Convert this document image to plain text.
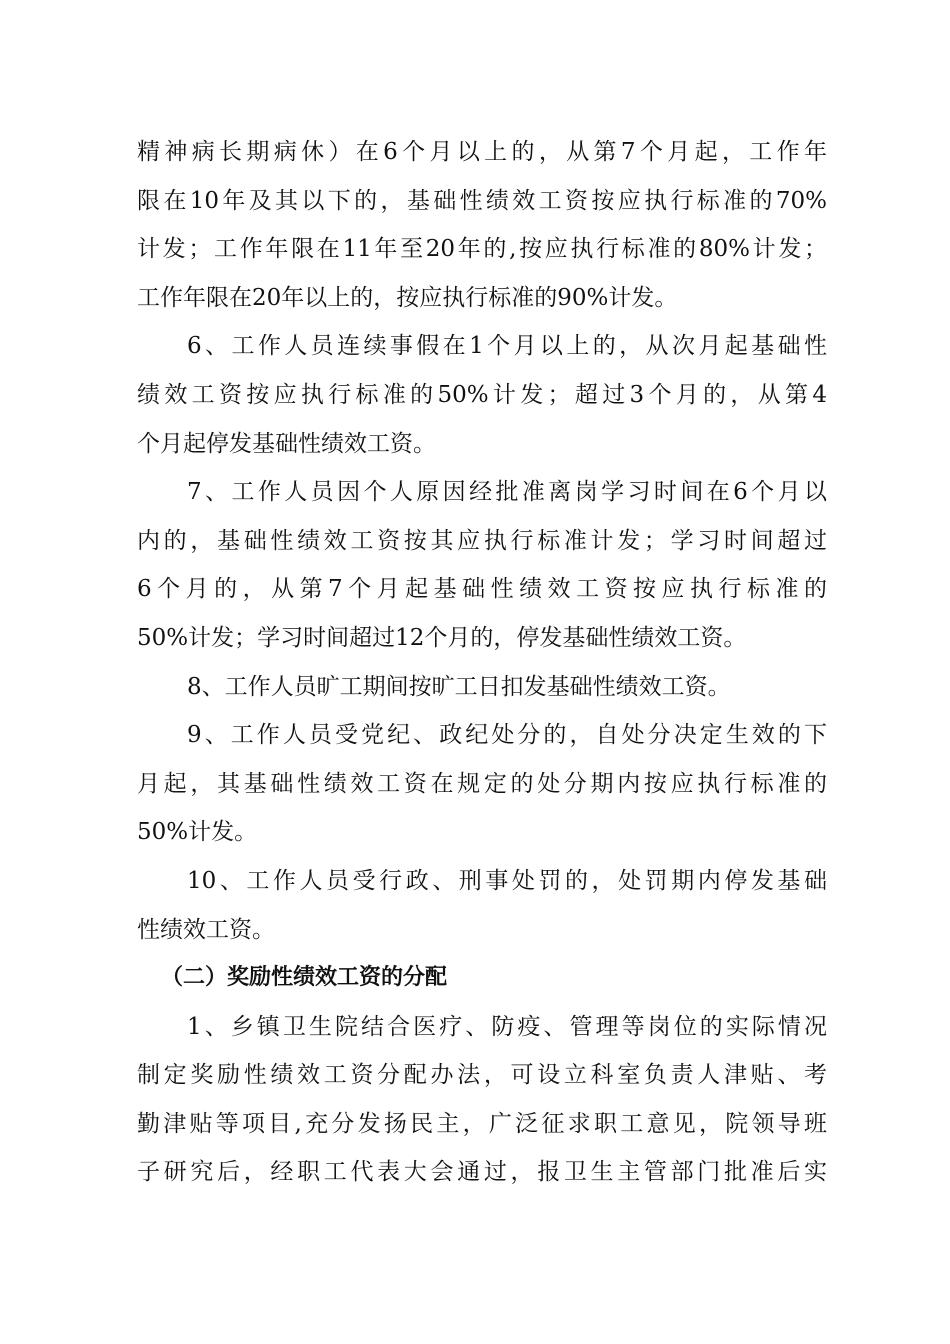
精神病长期病休）在6个月以上的，从第7个月起，工作年
限在10年及其以下的，基础性绩效工资按应执行标准的70%
计发；工作年限在11年至20年的,按应执行标准的80%计发；
工作年限在20年以上的，按应执行标准的90%计发。
6、工作人员连续事假在1个月以上的，从次月起基础性
绩效工资按应执行标准的50%计发；超过3个月的，从第4
个月起停发基础性绩效工资。
7、工作人员因个人原因经批准离岗学习时间在6个月以
内的，基础性绩效工资按其应执行标准计发；学习时间超过
6个月的，从第7个月起基础性绩效工资按应执行标准的
50%计发；学习时间超过12个月的，停发基础性绩效工资。
8、工作人员旷工期间按旷工日扣发基础性绩效工资。
9、工作人员受党纪、政纪处分的，自处分决定生效的下
月起，其基础性绩效工资在规定的处分期内按应执行标准的
50%计发。
10、工作人员受行政、刑事处罚的，处罚期内停发基础
性绩效工资。
（二）奖励性绩效工资的分配
1、乡镇卫生院结合医疗、防疫、管理等岗位的实际情况
制定奖励性绩效工资分配办法，可设立科室负责人津贴、考
勤津贴等项目,充分发扬民主，广泛征求职工意见，院领导班
子研究后，经职工代表大会通过，报卫生主管部门批准后实
